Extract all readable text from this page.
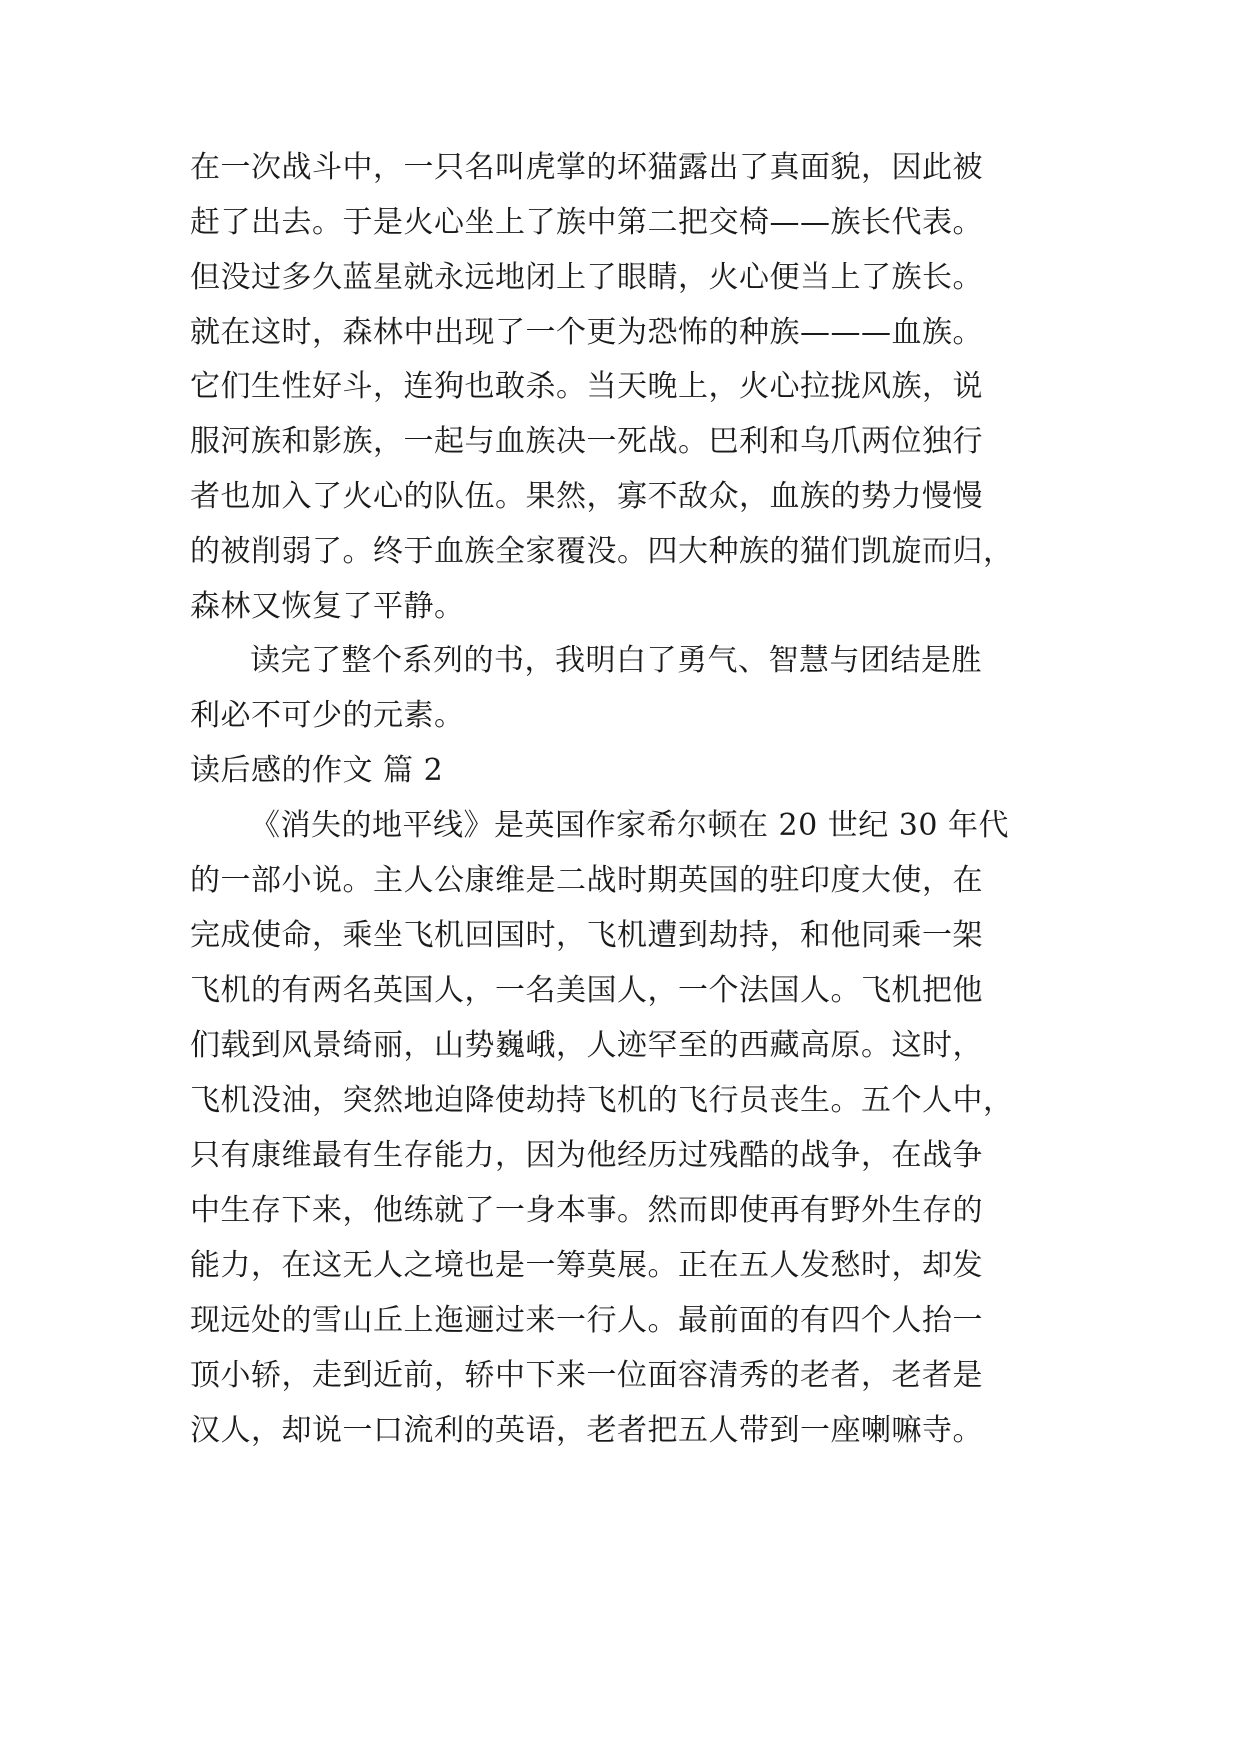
在一次战斗中，一只名叫虎掌的坏猫露出了真面貌，因此被
赶了出去。于是火心坐上了族中第二把交椅——族长代表。
但没过多久蓝星就永远地闭上了眼睛，火心便当上了族长。
就在这时，森林中出现了一个更为恐怖的种族———血族。
它们生性好斗，连狗也敢杀。当天晚上，火心拉拢风族，说
服河族和影族，一起与血族决一死战。巴利和乌爪两位独行
者也加入了火心的队伍。果然，寡不敌众，血族的势力慢慢
的被削弱了。终于血族全家覆没。四大种族的猫们凯旋而归，
森林又恢复了平静。
读完了整个系列的书，我明白了勇气、智慧与团结是胜
利必不可少的元素。
读后感的作文 篇 2
《消失的地平线》是英国作家希尔顿在 20 世纪 30 年代
的一部小说。主人公康维是二战时期英国的驻印度大使，在
完成使命，乘坐飞机回国时，飞机遭到劫持，和他同乘一架
飞机的有两名英国人，一名美国人，一个法国人。飞机把他
们载到风景绮丽，山势巍峨，人迹罕至的西藏高原。这时，
飞机没油，突然地迫降使劫持飞机的飞行员丧生。五个人中，
只有康维最有生存能力，因为他经历过残酷的战争，在战争
中生存下来，他练就了一身本事。然而即使再有野外生存的
能力，在这无人之境也是一筹莫展。正在五人发愁时，却发
现远处的雪山丘上迤逦过来一行人。最前面的有四个人抬一
顶小轿，走到近前，轿中下来一位面容清秀的老者，老者是
汉人，却说一口流利的英语，老者把五人带到一座喇嘛寺。
